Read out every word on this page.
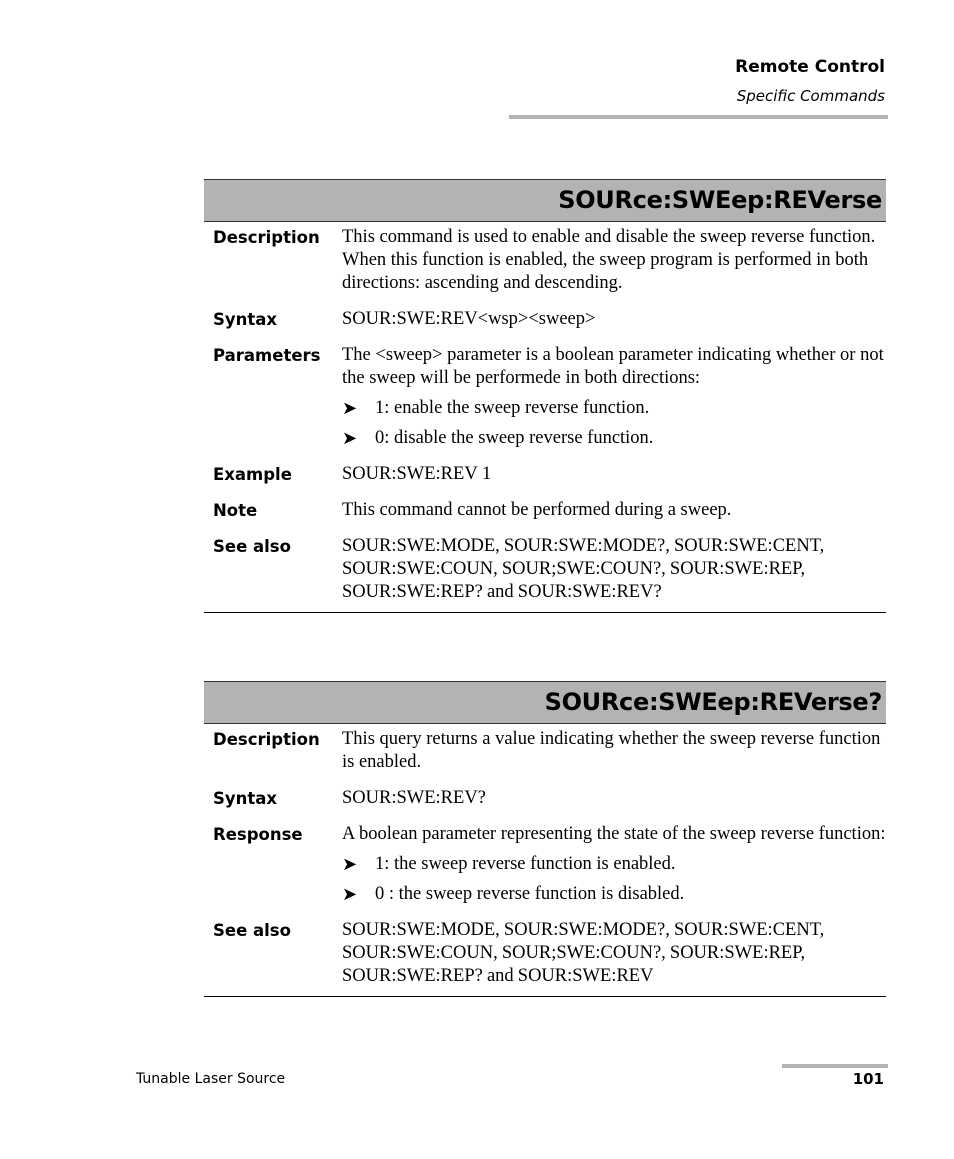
Remote Control
Specific Commands
SOURce:SWEep:REVerse
Description	This command is used to enable and disable the sweep reverse function. When this function is enabled, the sweep program is performed in both directions: ascending and descending.
Syntax	SOUR:SWE:REV<wsp><sweep>
Parameters	The <sweep> parameter is a boolean parameter indicating whether or not the sweep will be performede in both directions:
➤ 1: enable the sweep reverse function.
➤ 0: disable the sweep reverse function.
Example	SOUR:SWE:REV 1
Note	This command cannot be performed during a sweep.
See also	SOUR:SWE:MODE, SOUR:SWE:MODE?, SOUR:SWE:CENT, SOUR:SWE:COUN, SOUR;SWE:COUN?, SOUR:SWE:REP, SOUR:SWE:REP? and SOUR:SWE:REV?
SOURce:SWEep:REVerse?
Description	This query returns a value indicating whether the sweep reverse function is enabled.
Syntax	SOUR:SWE:REV?
Response	A boolean parameter representing the state of the sweep reverse function:
➤ 1: the sweep reverse function is enabled.
➤ 0 : the sweep reverse function is disabled.
See also	SOUR:SWE:MODE, SOUR:SWE:MODE?, SOUR:SWE:CENT, SOUR:SWE:COUN, SOUR;SWE:COUN?, SOUR:SWE:REP, SOUR:SWE:REP? and SOUR:SWE:REV
Tunable Laser Source	101
